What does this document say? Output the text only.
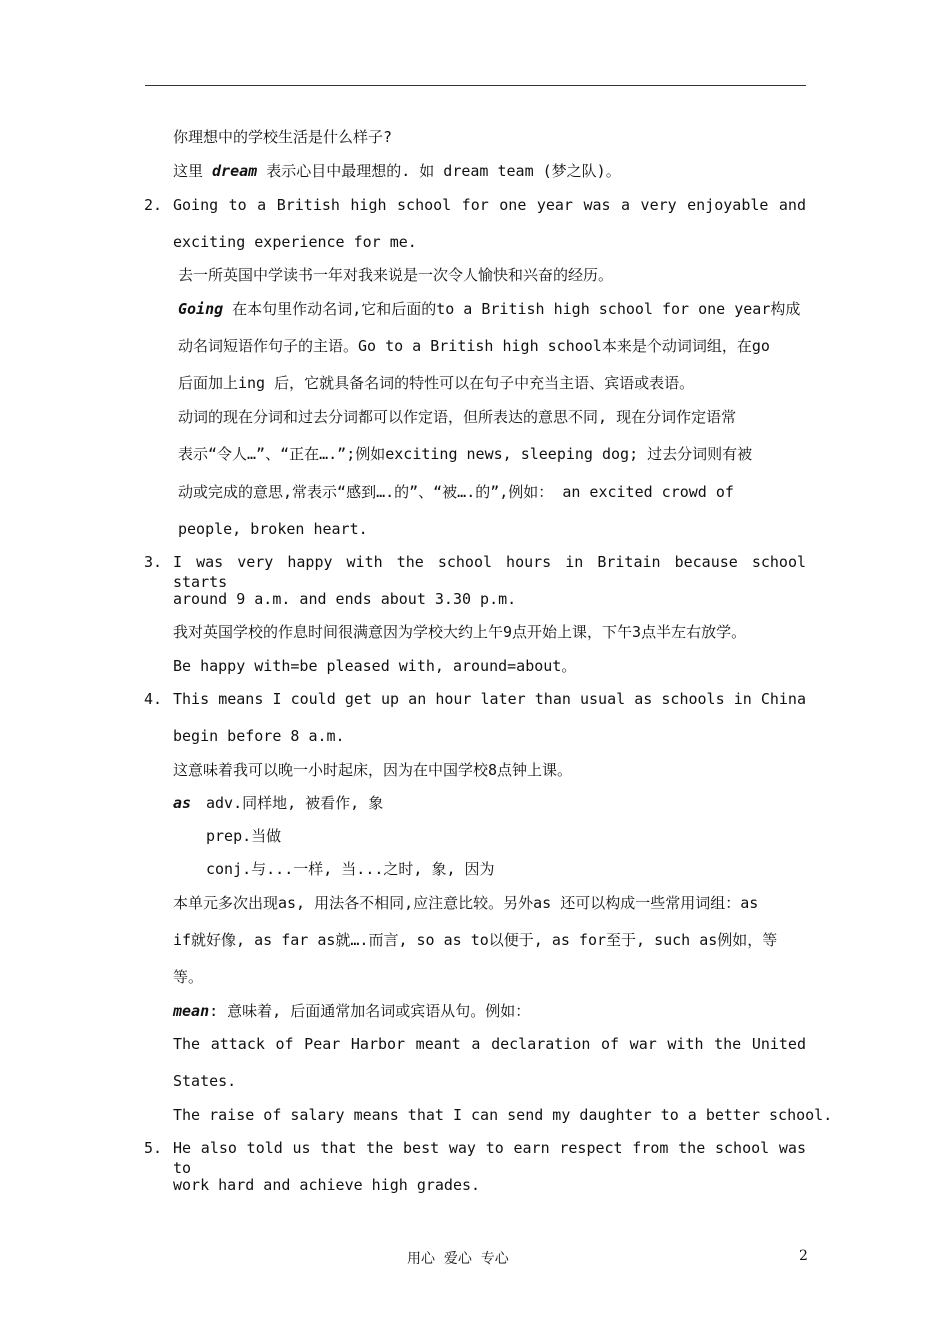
你理想中的学校生活是什么样子?
这里 dream 表示心目中最理想的. 如 dream team (梦之队)。
2. Going to a British high school for one year was a very enjoyable and
exciting experience for me.
去一所英国中学读书一年对我来说是一次令人愉快和兴奋的经历。
Going 在本句里作动名词,它和后面的to a British high school for one year构成
动名词短语作句子的主语。Go to a British high school本来是个动词词组，在go
后面加上ing 后，它就具备名词的特性可以在句子中充当主语、宾语或表语。
动词的现在分词和过去分词都可以作定语，但所表达的意思不同, 现在分词作定语常
表示“令人…”、“正在….”;例如exciting news, sleeping dog; 过去分词则有被
动或完成的意思,常表示“感到….的”、“被….的”,例如： an excited crowd of
people, broken heart.
3. I was very happy with the school hours in Britain because school starts
around 9 a.m. and ends about 3.30 p.m.
我对英国学校的作息时间很满意因为学校大约上午9点开始上课，下午3点半左右放学。
Be happy with=be pleased with, around=about。
4. This means I could get up an hour later than usual as schools in China
begin before 8 a.m.
这意味着我可以晚一小时起床，因为在中国学校8点钟上课。
as adv.同样地, 被看作, 象
prep.当做
conj.与...一样, 当...之时, 象, 因为
本单元多次出现as, 用法各不相同,应注意比较。另外as 还可以构成一些常用词组：as
if就好像, as far as就….而言, so as to以便于, as for至于, such as例如，等
等。
mean: 意味着, 后面通常加名词或宾语从句。例如：
The attack of Pear Harbor meant a declaration of war with the United
States.
The raise of salary means that I can send my daughter to a better school.
5. He also told us that the best way to earn respect from the school was to
work hard and achieve high grades.
用心  爱心  专心	2
